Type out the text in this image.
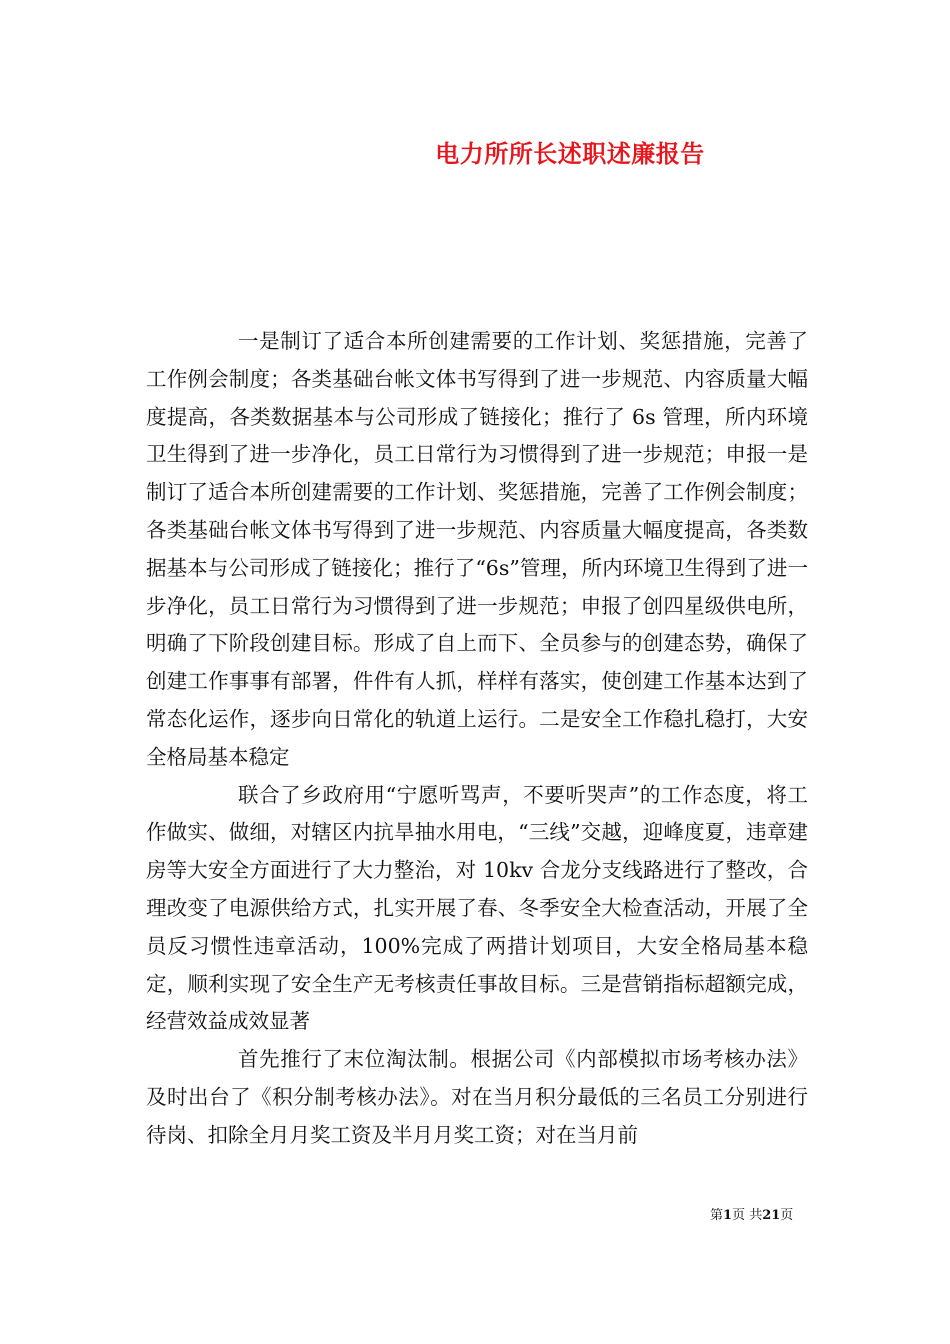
电力所所长述职述廉报告

一是制订了适合本所创建需要的工作计划、奖惩措施，完善了工作例会制度；各类基础台帐文体书写得到了进一步规范、内容质量大幅度提高，各类数据基本与公司形成了链接化；推行了 6s 管理，所内环境卫生得到了进一步净化，员工日常行为习惯得到了进一步规范；申报一是制订了适合本所创建需要的工作计划、奖惩措施，完善了工作例会制度；各类基础台帐文体书写得到了进一步规范、内容质量大幅度提高，各类数据基本与公司形成了链接化；推行了“6s”管理，所内环境卫生得到了进一步净化，员工日常行为习惯得到了进一步规范；申报了创四星级供电所，明确了下阶段创建目标。形成了自上而下、全员参与的创建态势，确保了创建工作事事有部署，件件有人抓，样样有落实，使创建工作基本达到了常态化运作，逐步向日常化的轨道上运行。二是安全工作稳扎稳打，大安全格局基本稳定

联合了乡政府用“宁愿听骂声，不要听哭声”的工作态度，将工作做实、做细，对辖区内抗旱抽水用电，“三线”交越，迎峰度夏，违章建房等大安全方面进行了大力整治，对 10kv 合龙分支线路进行了整改，合理改变了电源供给方式，扎实开展了春、冬季安全大检查活动，开展了全员反习惯性违章活动，100%完成了两措计划项目，大安全格局基本稳定，顺利实现了安全生产无考核责任事故目标。三是营销指标超额完成，经营效益成效显著

首先推行了末位淘汰制。根据公司《内部模拟市场考核办法》及时出台了《积分制考核办法》。对在当月积分最低的三名员工分别进行待岗、扣除全月月奖工资及半月月奖工资；对在当月前

第1页 共21页
